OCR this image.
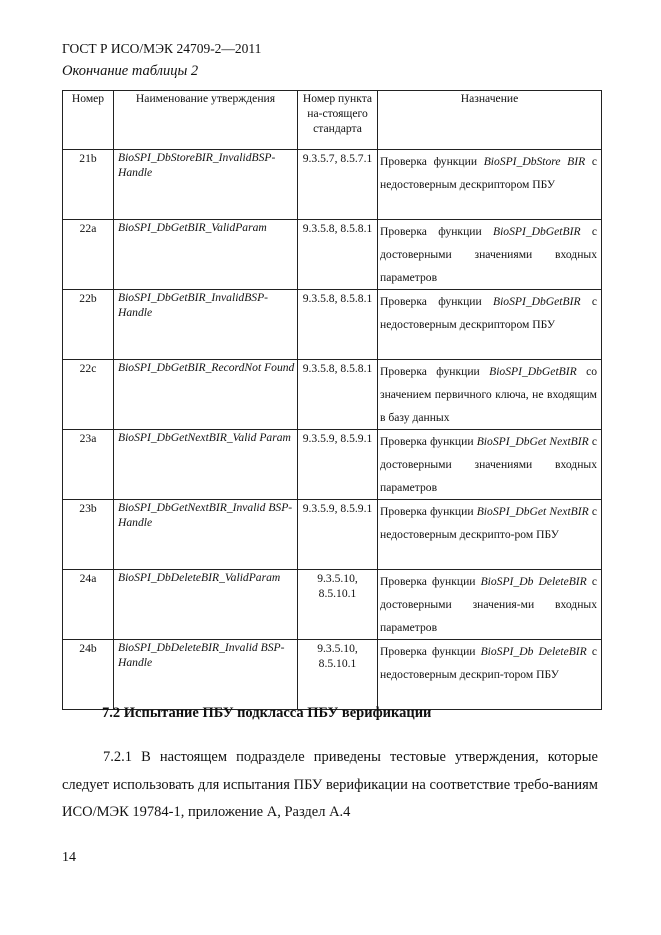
ГОСТ Р ИСО/МЭК 24709-2—2011
Окончание таблицы 2
Номер	Наименование утверждения	Номер пункта на-стоящего стандарта	Назначение
21b	BioSPI_DbStoreBIR_InvalidBSP-Handle	9.3.5.7, 8.5.7.1	Проверка функции BioSPI_DbStore BIR с недостоверным дескриптором ПБУ
22a	BioSPI_DbGetBIR_ValidParam	9.3.5.8, 8.5.8.1	Проверка функции BioSPI_DbGetBIR с достоверными значениями входных параметров
22b	BioSPI_DbGetBIR_InvalidBSP-Handle	9.3.5.8, 8.5.8.1	Проверка функции BioSPI_DbGetBIR с недостоверным дескриптором ПБУ
22c	BioSPI_DbGetBIR_RecordNot Found	9.3.5.8, 8.5.8.1	Проверка функции BioSPI_DbGetBIR со значением первичного ключа, не входящим в базу данных
23a	BioSPI_DbGetNextBIR_Valid Param	9.3.5.9, 8.5.9.1	Проверка функции BioSPI_DbGet NextBIR с достоверными значениями входных параметров
23b	BioSPI_DbGetNextBIR_Invalid BSP-Handle	9.3.5.9, 8.5.9.1	Проверка функции BioSPI_DbGet NextBIR с недостоверным дескрипто-ром ПБУ
24a	BioSPI_DbDeleteBIR_ValidParam	9.3.5.10, 8.5.10.1	Проверка функции BioSPI_Db DeleteBIR с достоверными значения-ми входных параметров
24b	BioSPI_DbDeleteBIR_Invalid BSP-Handle	9.3.5.10, 8.5.10.1	Проверка функции BioSPI_Db DeleteBIR с недостоверным дескрип-тором ПБУ
7.2 Испытание ПБУ подкласса ПБУ верификации
7.2.1 В настоящем подразделе приведены тестовые утверждения, которые следует использовать для испытания ПБУ верификации на соответствие требо-ваниям ИСО/МЭК 19784-1, приложение А, Раздел А.4
14
